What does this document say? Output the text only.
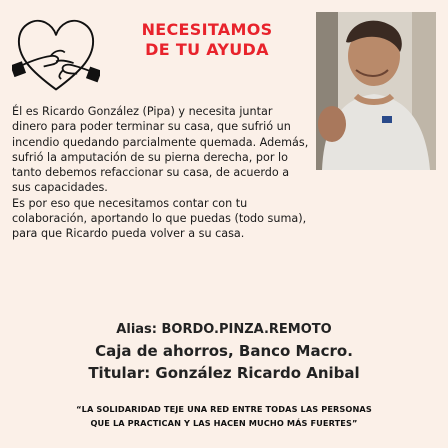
NECESITAMOS
DE TU AYUDA

Él es Ricardo González (Pipa) y necesita juntar dinero para poder terminar su casa, que sufrió un incendio quedando parcialmente quemada. Además, sufrió la amputación de su pierna derecha, por lo tanto debemos refaccionar su casa, de acuerdo a sus capacidades.

Es por eso que necesitamos contar con tu colaboración, aportando lo que puedas (todo suma), para que Ricardo pueda volver a su casa.

Alias: BORDO.PINZA.REMOTO
Caja de ahorros, Banco Macro.
Titular: González Ricardo Anibal
“LA SOLIDARIDAD TEJE UNA RED ENTRE TODAS LAS PERSONAS
QUE LA PRACTICAN Y LAS HACEN MUCHO MÁS FUERTES”
